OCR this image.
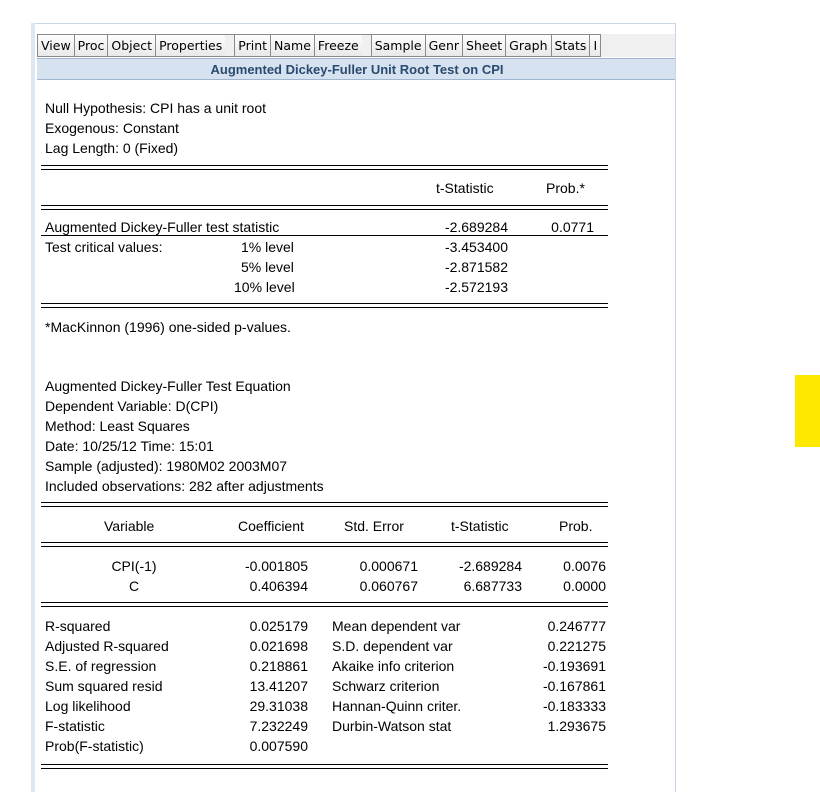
View Proc Object Properties	Print Name Freeze	Sample Genr Sheet Graph Stats I
Augmented Dickey-Fuller Unit Root Test on CPI
Null Hypothesis: CPI has a unit root
Exogenous: Constant
Lag Length: 0 (Fixed)
t-Statistic	Prob.*
Augmented Dickey-Fuller test statistic	-2.689284	0.0771
Test critical values:	1% level	-3.453400
5% level	-2.871582
10% level	-2.572193
*MacKinnon (1996) one-sided p-values.
Augmented Dickey-Fuller Test Equation
Dependent Variable: D(CPI)
Method: Least Squares
Date: 10/25/12 Time: 15:01
Sample (adjusted): 1980M02 2003M07
Included observations: 282 after adjustments
Variable	Coefficient	Std. Error	t-Statistic	Prob.
CPI(-1)	-0.001805	0.000671	-2.689284	0.0076
C	0.406394	0.060767	6.687733	0.0000
R-squared	0.025179 Mean dependent var	0.246777
Adjusted R-squared	0.021698 S.D. dependent var	0.221275
S.E. of regression	0.218861 Akaike info criterion	-0.193691
Sum squared resid	13.41207 Schwarz criterion	-0.167861
Log likelihood	29.31038 Hannan-Quinn criter.	-0.183333
F-statistic	7.232249 Durbin-Watson stat	1.293675
Prob(F-statistic)	0.007590
